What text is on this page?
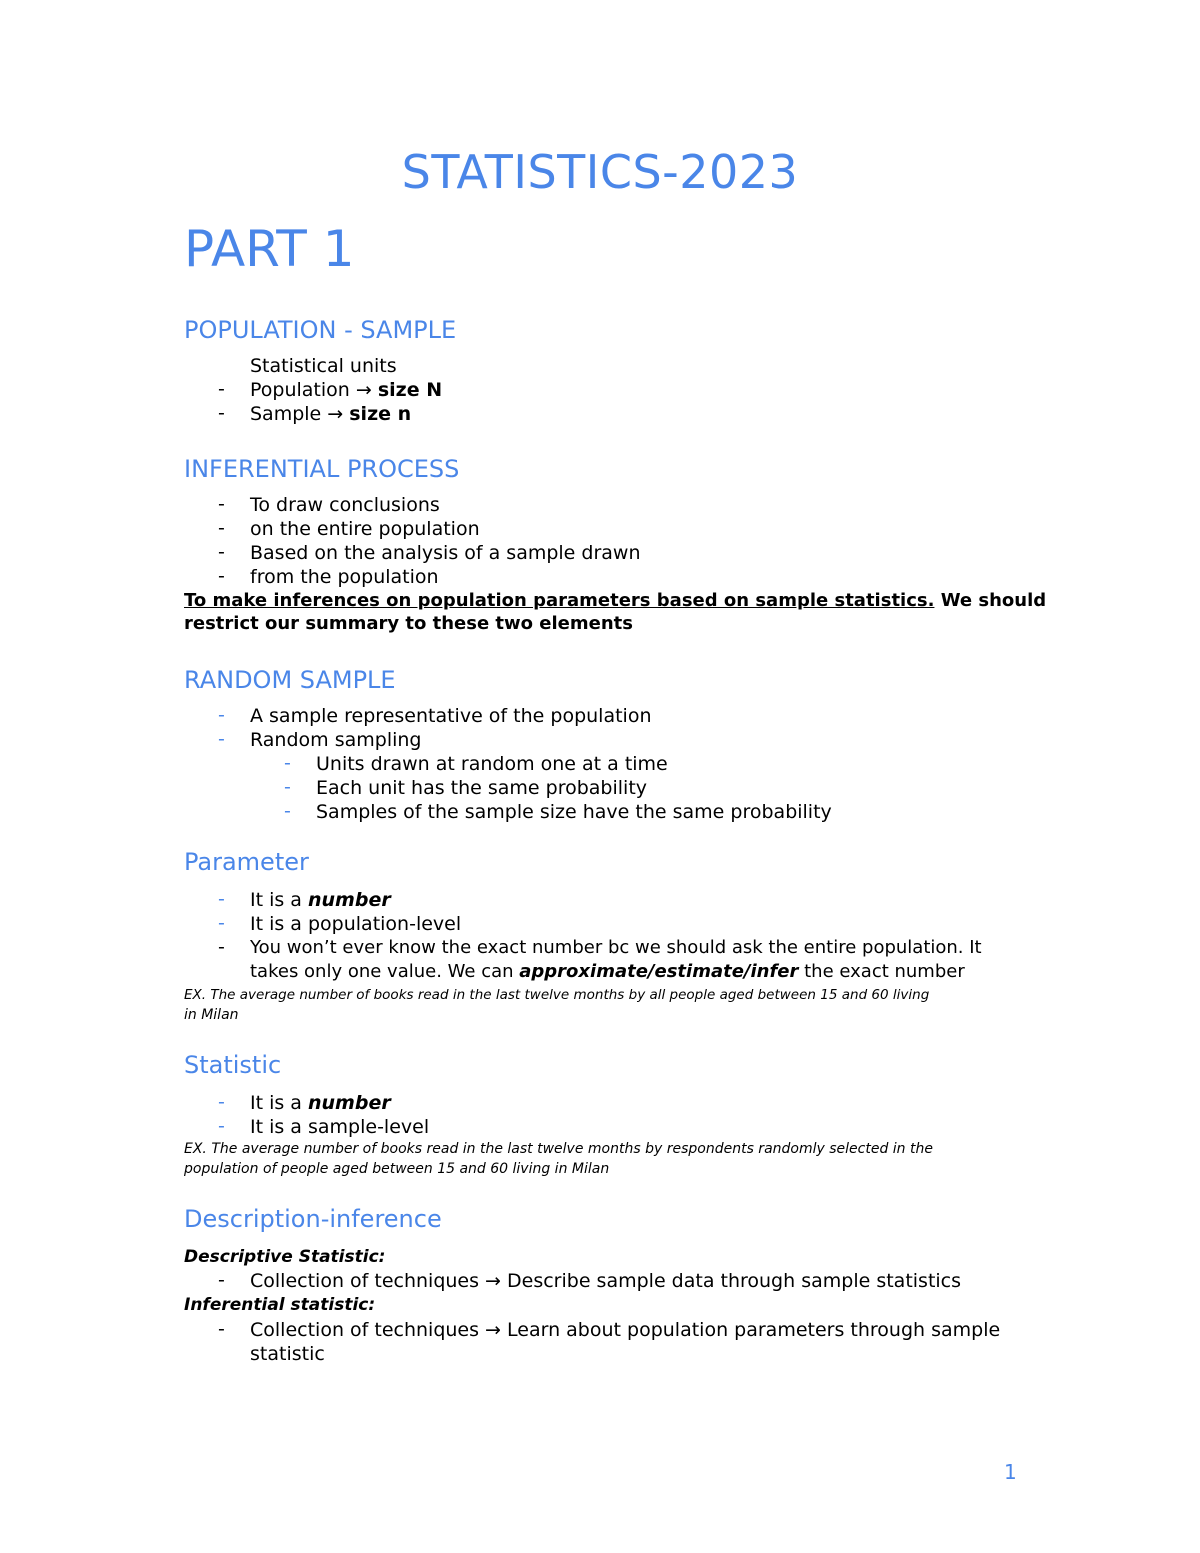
STATISTICS-2023
PART 1
POPULATION - SAMPLE
Statistical units
- Population → size N
- Sample → size n
INFERENTIAL PROCESS
- To draw conclusions
- on the entire population
- Based on the analysis of a sample drawn
- from the population
To make inferences on population parameters based on sample statistics. We should
restrict our summary to these two elements
RANDOM SAMPLE
- A sample representative of the population
- Random sampling
- Units drawn at random one at a time
- Each unit has the same probability
- Samples of the sample size have the same probability
Parameter
- It is a number
- It is a population-level
- You won’t ever know the exact number bc we should ask the entire population. It
takes only one value. We can approximate/estimate/infer the exact number
EX. The average number of books read in the last twelve months by all people aged between 15 and 60 living
in Milan
Statistic
- It is a number
- It is a sample-level
EX. The average number of books read in the last twelve months by respondents randomly selected in the
population of people aged between 15 and 60 living in Milan
Description-inference
Descriptive Statistic:
- Collection of techniques → Describe sample data through sample statistics
Inferential statistic:
- Collection of techniques → Learn about population parameters through sample
statistic
1
